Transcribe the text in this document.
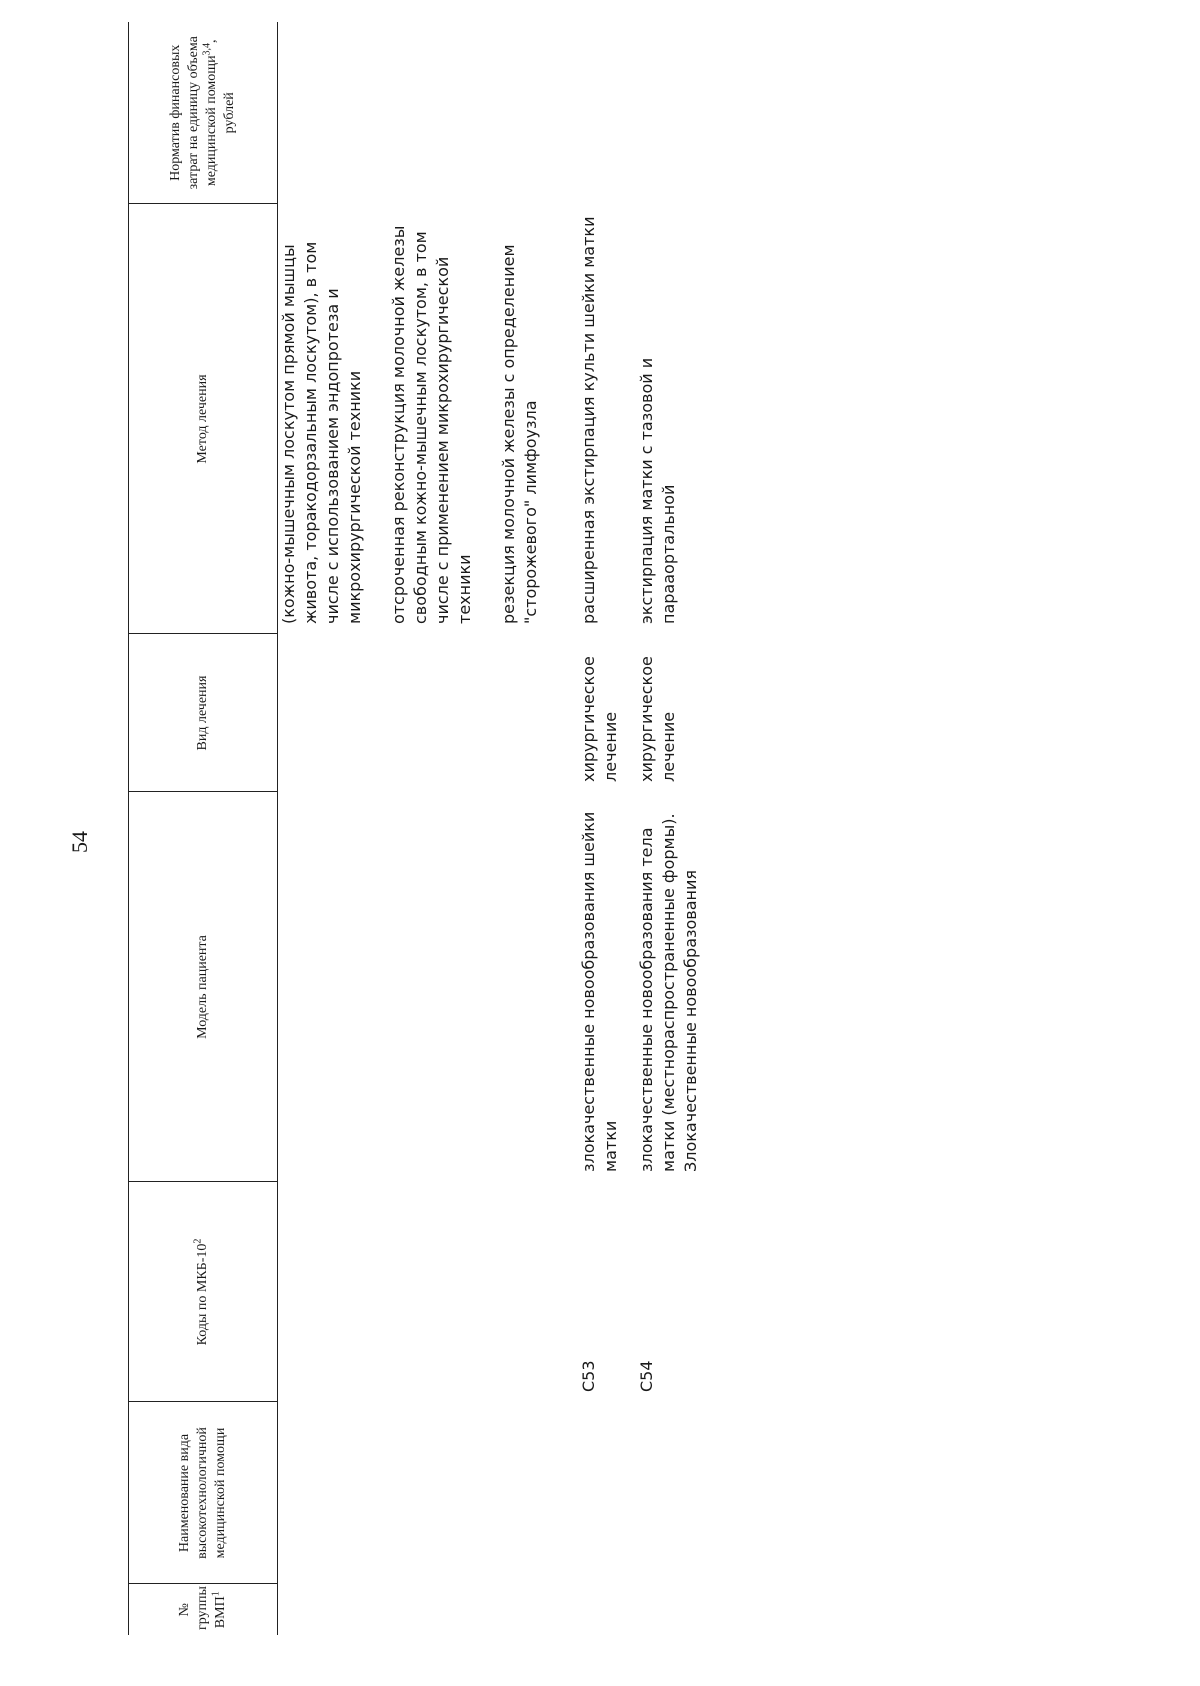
54
№ группы ВМП$^1$	Наименование вида высокотехнологичной медицинской помощи	Коды по МКБ-$10^2$	Модель пациента	Вид лечения	Метод лечения	Норматив финансовых затрат на единицу объема медицинской помощи$^{3,4}$, рублей

					(кожно-мышечным лоскутом прямой мышцы живота, торакодорзальным лоскутом), в том числе с использованием эндопротеза и микрохирургической техники отсроченная реконструкция молочной железы свободным кожно-мышечным лоскутом, в том числе с применением микрохирургической техники резекция молочной железы с определением "сторожевого" лимфоузла	

		C53	злокачественные новообразования шейки матки	хирургическое лечение	расширенная экстирпация культи шейки матки	

		C54	злокачественные новообразования тела матки (местнораспространенные формы). Злокачественные новообразования	хирургическое лечение	экстирпация матки с тазовой и парааортальной	
